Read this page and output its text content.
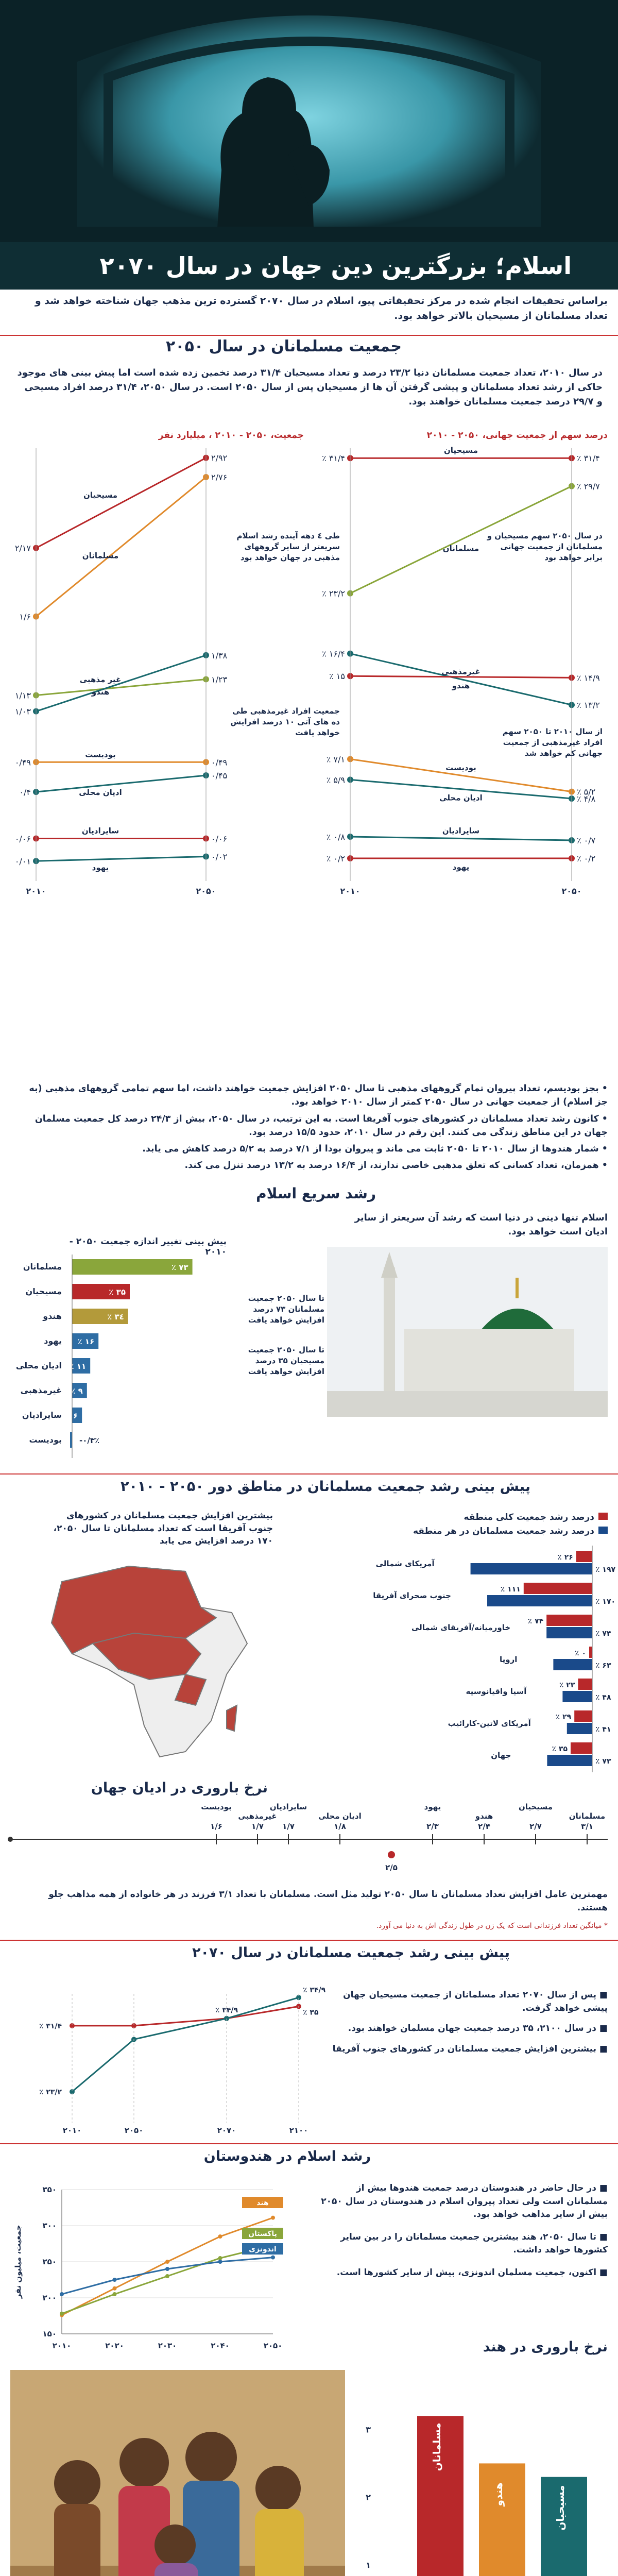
اسلام؛ بزرگترین دین جهان در سال ۲۰۷۰
براساس تحقیقات انجام شده در مرکز تحقیقاتی پیو، اسلام در سال ۲۰۷۰ گسترده ترین مذهب جهان شناخته خواهد شد و تعداد مسلمانان از مسیحیان بالاتر خواهد بود.
جمعیت مسلمانان در سال ۲۰۵۰
در سال ۲۰۱۰، تعداد جمعیت مسلمانان دنیا ۲۳/۲ درصد و تعداد مسیحیان ۳۱/۴ درصد تخمین زده شده است اما پیش بینی های موجود حاکی از رشد تعداد مسلمانان و پیشی گرفتن آن ها از مسیحیان پس از سال ۲۰۵۰ است. در سال ۲۰۵۰، ۳۱/۴ درصد افراد مسیحی و ۲۹/۷ درصد جمعیت مسلمانان خواهند بود.
جمعیت، ۲۰۵۰ - ۲۰۱۰ ، میلیارد نفر	درصد سهم از جمعیت جهانی، ۲۰۵۰ - ۲۰۱۰
۲/۱۷
۲/۹۲
مسیحیان
۱/۶
۲/۷۶
مسلمانان
۱/۱۳
۱/۲۳
غیر مذهبی
۱/۰۳
۱/۳۸
هندو
۰/۴۹	۰/۴۹
بودیست
۰/۴
۰/۴۵
ادیان محلی
۰/۰۶	۰/۰۶
سایرادیان
۰/۰۱	۰/۰۲
یهود
۲۰۱۰	۲۰۵۰
٪ ۳۱/۴	٪ ۳۱/۴
مسیحیان
٪ ۲۳/۲
٪ ۲۹/۷
مسلمانان
٪ ۱۶/۴
٪ ۱۳/۲
غیرمذهبی
٪ ۱۵	٪ ۱۴/۹
هندو
٪ ۷/۱
٪ ۵/۲
بودیست
٪ ۵/۹
٪ ۴/۸
ادیان محلی
٪ ۰/۸	٪ ۰/۷
سایرادیان
٪ ۰/۲	٪ ۰/۲
یهود
۲۰۱۰	۲۰۵۰
طی ٤ دهه آینده رشد اسلام سریعتر از سایر گروههای مذهبی در جهان خواهد بود
جمعیت افراد غیرمذهبی طی ده های آتی ۱۰ درصد افزایش خواهد یافت
در سال ۲۰۵۰ سهم مسیحیان و مسلمانان از جمعیت جهانی برابر خواهد بود
از سال ۲۰۱۰ تا ۲۰۵۰ سهم افراد غیرمذهبی از جمعیت جهانی کم خواهد شد
• بجز بودیسم، تعداد پیروان تمام گروههای مذهبی تا سال ۲۰۵۰ افزایش جمعیت خواهند داشت، اما سهم تمامی گروههای مذهبی (به جز اسلام) از جمعیت جهانی در سال ۲۰۵۰ کمتر از سال ۲۰۱۰ خواهد بود.
• کانون رشد تعداد مسلمانان در کشورهای جنوب آفریقا است. به این ترتیب، در سال ۲۰۵۰، بیش از ۲۴/۳ درصد کل جمعیت مسلمان جهان در این مناطق زندگی می کنند. این رقم در سال ۲۰۱۰، حدود ۱۵/۵ درصد بود.
• شمار هندوها از سال ۲۰۱۰ تا ۲۰۵۰ ثابت می ماند و پیروان بودا از ۷/۱ درصد به ۵/۲ درصد کاهش می یابد.
• همزمان، تعداد کسانی که تعلق مذهبی خاصی ندارند، از ۱۶/۴ درصد به ۱۳/۲ درصد تنزل می کند.
رشد سریع اسلام
اسلام تنها دینی در دنیا است که رشد آن سریعتر از سایر ادیان است خواهد بود.
پیش بینی تغییر اندازه جمعیت ۲۰۵۰ - ۲۰۱۰
مسلمانان	٪ ۷۳
مسیحیان	٪ ۳۵
هندو	٪ ۳٤
یهود ٪ ۱۶
ادیان محلی ٪ ۱۱
غیرمذهبی ٪ ۹
سایرادیان ٪ ۶
بودیست -۰/۳٪
تا سال ۲۰۵۰ جمعیت مسلمانان ۷۳ درصد افزایش خواهد یافت
تا سال ۲۰۵۰ جمعیت مسیحیان ۳۵ درصد افزایش خواهد یافت
پیش بینی رشد جمعیت مسلمانان در مناطق دور ۲۰۵۰ - ۲۰۱۰
بیشترین افزایش جمعیت مسلمانان در کشورهای جنوب آفریقا است که تعداد مسلمانان تا سال ۲۰۵۰، ۱۷۰ درصد افزایش می یابد
درصد رشد جمعیت کلی منطقه
درصد رشد جمعیت مسلمانان در هر منطقه
٪ ۲۶
٪ ۱۹۷
آمریکای شمالی
٪ ۱۱۱
٪ ۱۷۰
جنوب صحرای آفریقا
٪ ۷۴
٪ ۷۴
خاورمیانه/آفریقای شمالی
٪ ۰
٪ ۶۳
اروپا
٪ ۲۳
٪ ۴۸
آسیا واقیانوسیه
٪ ۲۹
٪ ۴۱
آمریکای لاتین-کارائیب
٪ ۳۵
٪ ۷۳
جهان
نرخ باروری در ادیان جهان
۳/۱
مسلمانان
۲/۷
مسیحیان
۲/۴
هندو
۲/۳
یهود
۱/۸
ادیان محلی
۱/۷
سایرادیان
۱/۷
غیرمذهبی
۱/۶
بودیست
۲/۵
مهمترین عامل افزایش تعداد مسلمانان تا سال ۲۰۵۰ تولید مثل است. مسلمانان با تعداد ۳/۱ فرزند در هر خانواده از همه مذاهب جلو هستند.
* میانگین تعداد فرزندانی است که یک زن در طول زندگی اش به دنیا می آورد.
پیش بینی رشد جمعیت مسلمانان در سال ۲۰۷۰
■ پس از سال ۲۰۷۰ تعداد مسلمانان از جمعیت مسیحیان جهان پیشی خواهد گرفت.
■ در سال ۲۱۰۰، ۳۵ درصد جمعیت جهان مسلمان خواهند بود.
■ بیشترین افزایش جمعیت مسلمانان در کشورهای جنوب آفریقا
٪ ۳۱/۴
٪ ۲۳/۲
٪ ۳۴/۹
٪ ۳۴/۹
٪ ۳۵
۲۰۱۰	۲۰۵۰	۲۰۷۰	۲۱۰۰
رشد اسلام در هندوستان
۳۵۰
۳۰۰
۲۵۰
۲۰۰
۱۵۰
۲۰۱۰	۲۰۲۰	۲۰۳۰	۲۰۴۰	۲۰۵۰
هند
پاکستان
اندونزی
جمعیت، میلیون نفر
■ در حال حاضر در هندوستان درصد جمعیت هندوها بیش از مسلمانان است ولی تعداد پیروان اسلام در هندوستان در سال ۲۰۵۰ بیش از سایر مذاهب خواهد بود.
■ تا سال ۲۰۵۰، هند بیشترین جمعیت مسلمانان را در بین سایر کشورها خواهد داشت.
■ اکنون، جمعیت مسلمان اندونزی، بیش از سایر کشورها است.
نرخ باروری در هند
۳
۲
۱
مسلمانان
هندو	مسیحیان
